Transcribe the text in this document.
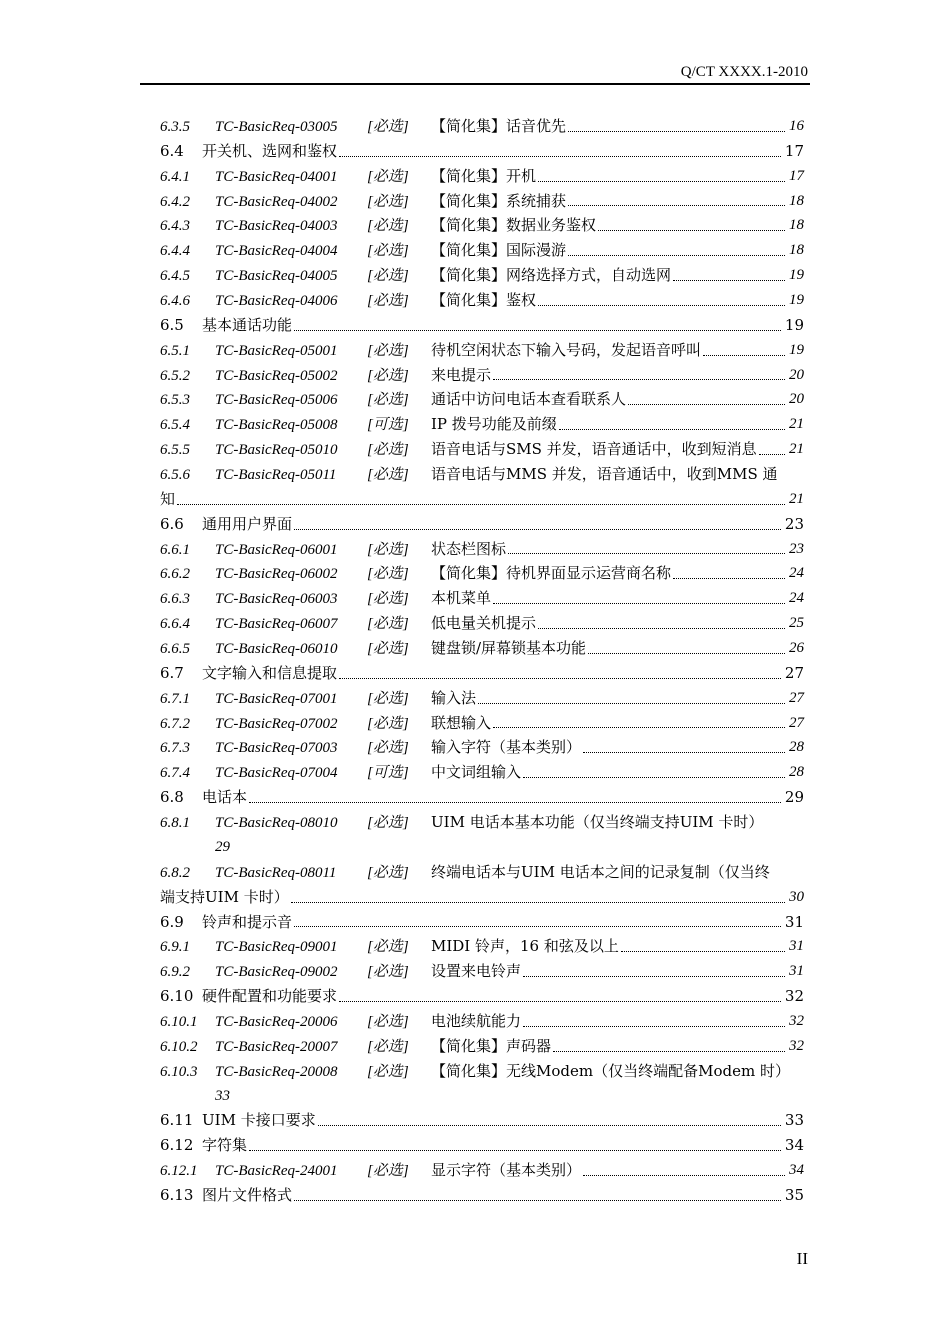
Q/CT XXXX.1-2010
6.3.5 TC-BasicReq-03005 [必选] 【简化集】话音优先	16
6.4 开关机、选网和鉴权	17
6.4.1 TC-BasicReq-04001 [必选] 【简化集】开机	17
6.4.2 TC-BasicReq-04002 [必选] 【简化集】系统捕获	18
6.4.3 TC-BasicReq-04003 [必选] 【简化集】数据业务鉴权	18
6.4.4 TC-BasicReq-04004 [必选] 【简化集】国际漫游	18
6.4.5 TC-BasicReq-04005 [必选] 【简化集】网络选择方式，自动选网	19
6.4.6 TC-BasicReq-04006 [必选] 【简化集】鉴权	19
6.5 基本通话功能	19
6.5.1 TC-BasicReq-05001 [必选] 待机空闲状态下输入号码，发起语音呼叫	19
6.5.2 TC-BasicReq-05002 [必选] 来电提示	20
6.5.3 TC-BasicReq-05006 [必选] 通话中访问电话本查看联系人	20
6.5.4 TC-BasicReq-05008 [可选] IP 拨号功能及前缀	21
6.5.5 TC-BasicReq-05010 [必选] 语音电话与SMS 并发，语音通话中，收到短消息 21
6.5.6 TC-BasicReq-05011 [必选] 语音电话与MMS 并发，语音通话中，收到MMS 通
知	21
6.6 通用用户界面	23
6.6.1 TC-BasicReq-06001 [必选] 状态栏图标	23
6.6.2 TC-BasicReq-06002 [必选] 【简化集】待机界面显示运营商名称	24
6.6.3 TC-BasicReq-06003 [必选] 本机菜单	24
6.6.4 TC-BasicReq-06007 [必选] 低电量关机提示	25
6.6.5 TC-BasicReq-06010 [必选] 键盘锁/屏幕锁基本功能	26
6.7 文字输入和信息提取	27
6.7.1 TC-BasicReq-07001 [必选] 输入法	27
6.7.2 TC-BasicReq-07002 [必选] 联想输入	27
6.7.3 TC-BasicReq-07003 [必选] 输入字符（基本类别）	28
6.7.4 TC-BasicReq-07004 [可选] 中文词组输入	28
6.8 电话本	29
6.8.1 TC-BasicReq-08010 [必选] UIM 电话本基本功能（仅当终端支持UIM 卡时）
29
6.8.2 TC-BasicReq-08011 [必选] 终端电话本与UIM 电话本之间的记录复制（仅当终
端支持UIM 卡时）	30
6.9 铃声和提示音	31
6.9.1 TC-BasicReq-09001 [必选] MIDI 铃声，16 和弦及以上	31
6.9.2 TC-BasicReq-09002 [必选] 设置来电铃声	31
6.10 硬件配置和功能要求	32
6.10.1 TC-BasicReq-20006 [必选] 电池续航能力	32
6.10.2 TC-BasicReq-20007 [必选] 【简化集】声码器	32
6.10.3 TC-BasicReq-20008 [必选] 【简化集】无线Modem（仅当终端配备Modem 时）
33
6.11 UIM 卡接口要求	33
6.12 字符集	34
6.12.1 TC-BasicReq-24001 [必选] 显示字符（基本类别）	34
6.13 图片文件格式	35
II
